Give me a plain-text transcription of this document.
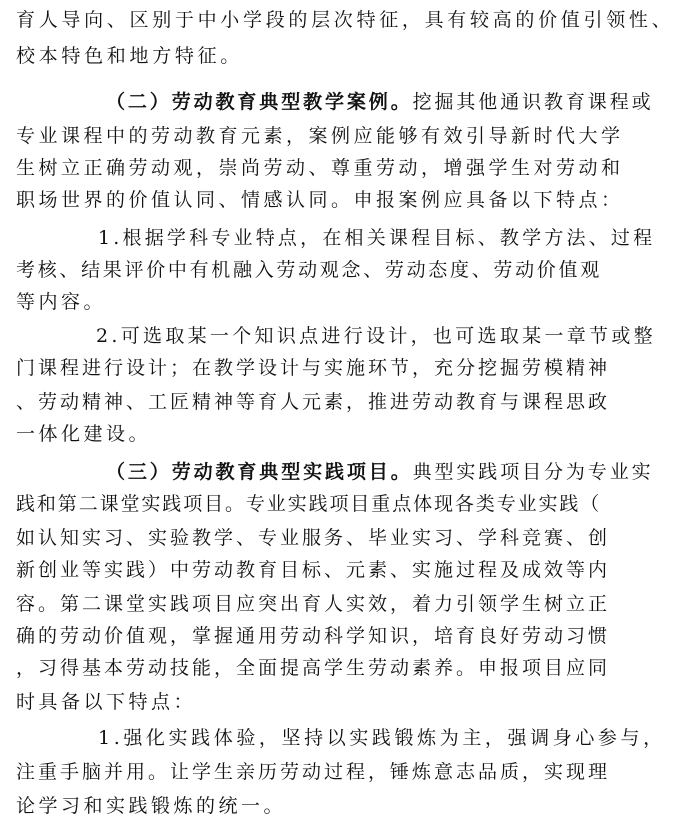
育人导向、区别于中小学段的层次特征，具有较高的价值引领性、
校本特色和地方特征。
（二）劳动教育典型教学案例。挖掘其他通识教育课程或
专业课程中的劳动教育元素，案例应能够有效引导新时代大学
生树立正确劳动观，崇尚劳动、尊重劳动，增强学生对劳动和
职场世界的价值认同、情感认同。申报案例应具备以下特点：
1.根据学科专业特点，在相关课程目标、教学方法、过程
考核、结果评价中有机融入劳动观念、劳动态度、劳动价值观
等内容。
2.可选取某一个知识点进行设计，也可选取某一章节或整
门课程进行设计；在教学设计与实施环节，充分挖掘劳模精神
、劳动精神、工匠精神等育人元素，推进劳动教育与课程思政
一体化建设。
（三）劳动教育典型实践项目。典型实践项目分为专业实
践和第二课堂实践项目。专业实践项目重点体现各类专业实践（
如认知实习、实验教学、专业服务、毕业实习、学科竞赛、创
新创业等实践）中劳动教育目标、元素、实施过程及成效等内
容。第二课堂实践项目应突出育人实效，着力引领学生树立正
确的劳动价值观，掌握通用劳动科学知识，培育良好劳动习惯
，习得基本劳动技能，全面提高学生劳动素养。申报项目应同
时具备以下特点：
1.强化实践体验，坚持以实践锻炼为主，强调身心参与，
注重手脑并用。让学生亲历劳动过程，锤炼意志品质，实现理
论学习和实践锻炼的统一。
